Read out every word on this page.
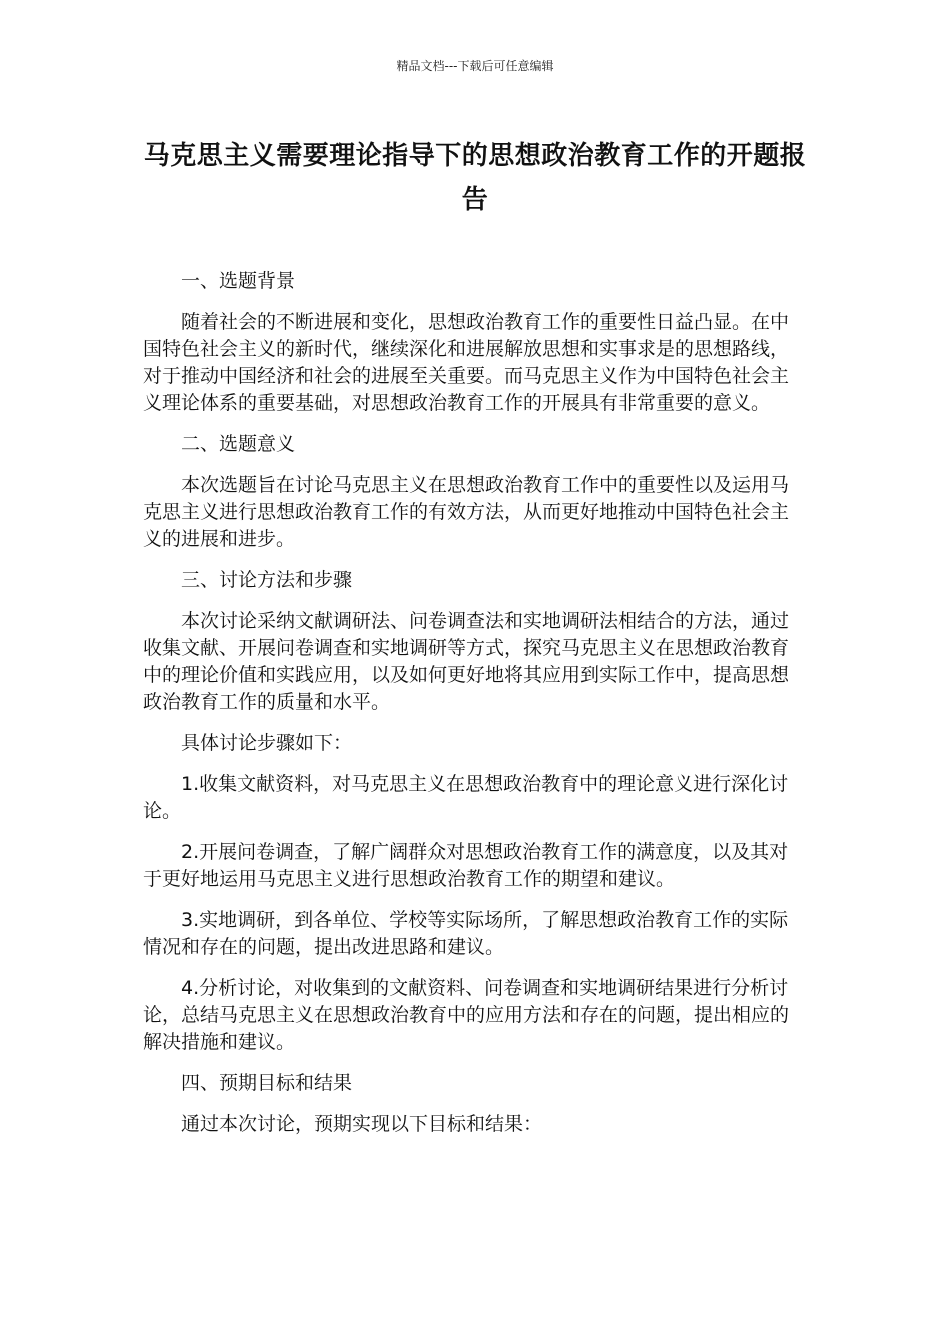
精品文档---下载后可任意编辑
马克思主义需要理论指导下的思想政治教育工作的开题报告

一、选题背景

随着社会的不断进展和变化，思想政治教育工作的重要性日益凸显。在中国特色社会主义的新时代，继续深化和进展解放思想和实事求是的思想路线，对于推动中国经济和社会的进展至关重要。而马克思主义作为中国特色社会主义理论体系的重要基础，对思想政治教育工作的开展具有非常重要的意义。

二、选题意义

本次选题旨在讨论马克思主义在思想政治教育工作中的重要性以及运用马克思主义进行思想政治教育工作的有效方法，从而更好地推动中国特色社会主义的进展和进步。

三、讨论方法和步骤

本次讨论采纳文献调研法、问卷调查法和实地调研法相结合的方法，通过收集文献、开展问卷调查和实地调研等方式，探究马克思主义在思想政治教育中的理论价值和实践应用，以及如何更好地将其应用到实际工作中，提高思想政治教育工作的质量和水平。

具体讨论步骤如下：

1.收集文献资料，对马克思主义在思想政治教育中的理论意义进行深化讨论。

2.开展问卷调查，了解广阔群众对思想政治教育工作的满意度，以及其对于更好地运用马克思主义进行思想政治教育工作的期望和建议。

3.实地调研，到各单位、学校等实际场所，了解思想政治教育工作的实际情况和存在的问题，提出改进思路和建议。

4.分析讨论，对收集到的文献资料、问卷调查和实地调研结果进行分析讨论，总结马克思主义在思想政治教育中的应用方法和存在的问题，提出相应的解决措施和建议。

四、预期目标和结果

通过本次讨论，预期实现以下目标和结果：
